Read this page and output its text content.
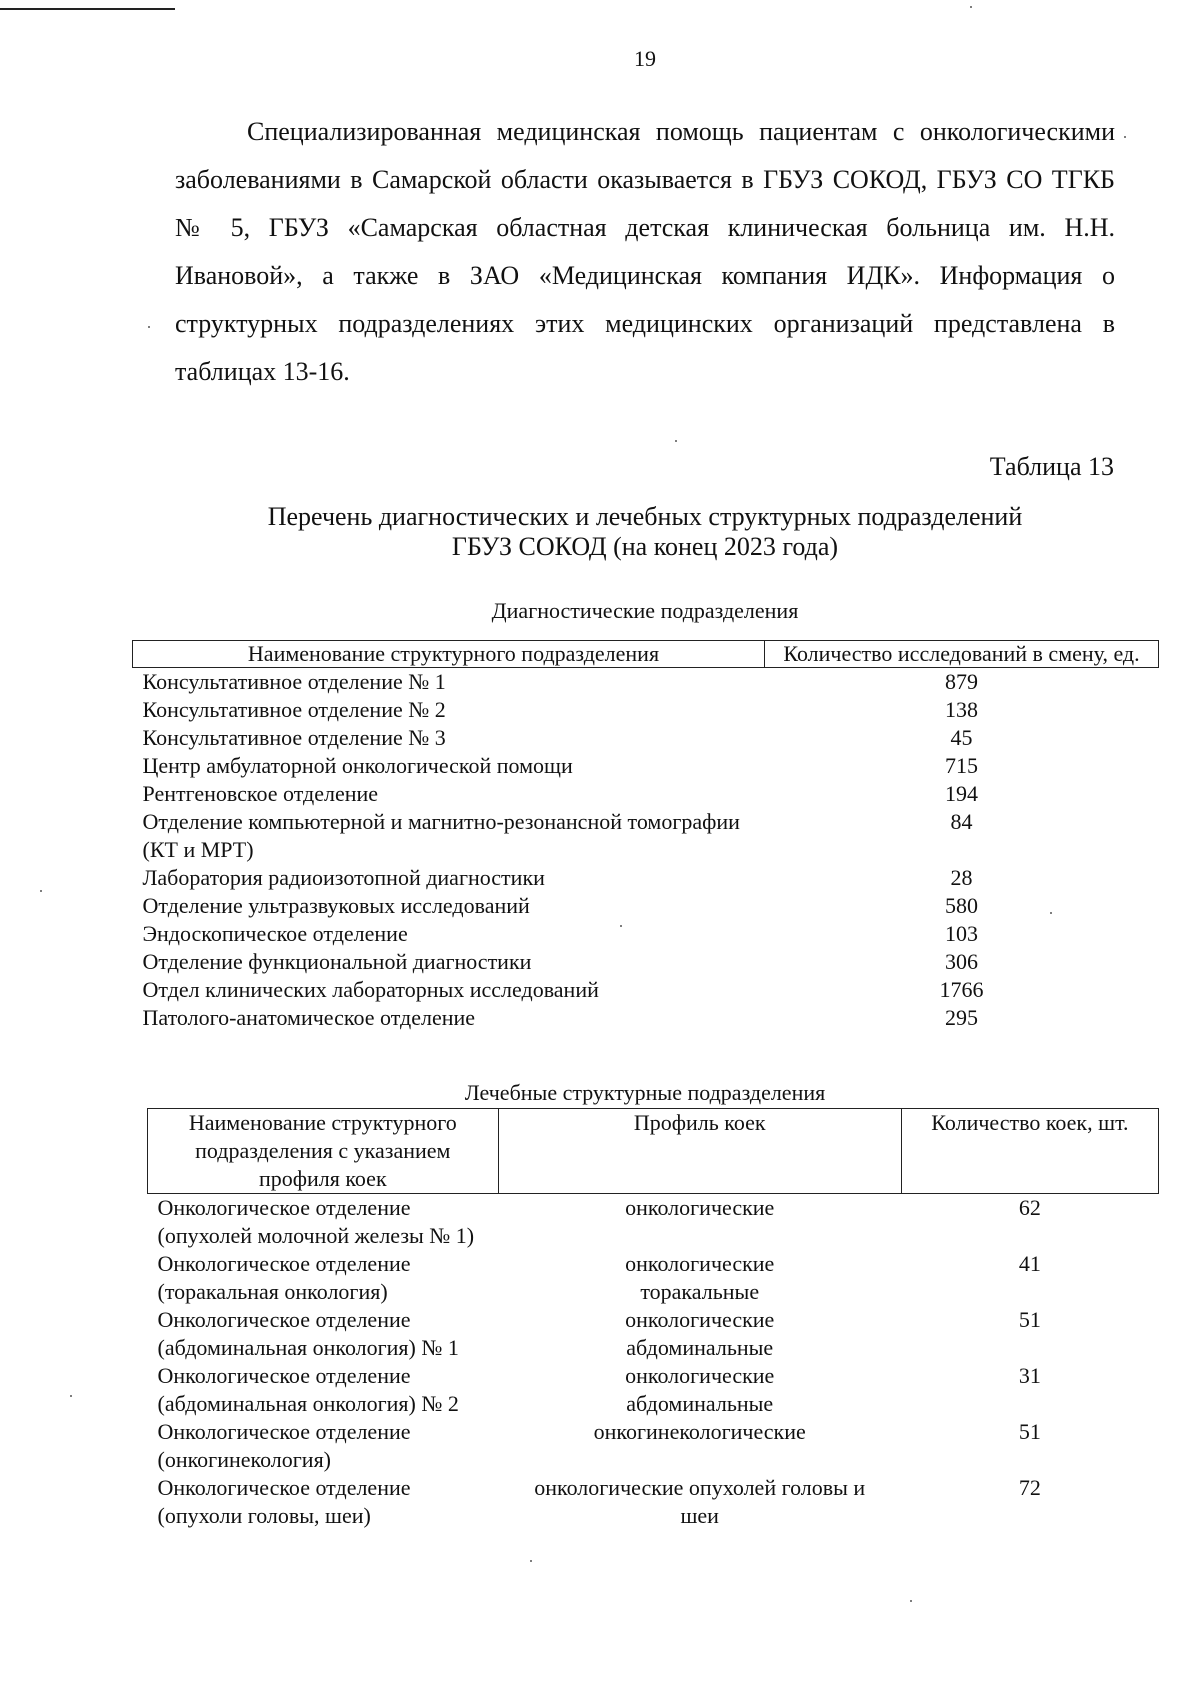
19
Специализированная медицинская помощь пациентам с онкологическими заболеваниями в Самарской области оказывается в ГБУЗ СОКОД, ГБУЗ СО ТГКБ № 5, ГБУЗ «Самарская областная детская клиническая больница им. Н.Н. Ивановой», а также в ЗАО «Медицинская компания ИДК». Информация о структурных подразделениях этих медицинских организаций представлена в таблицах 13-16.
Таблица 13
Перечень диагностических и лечебных структурных подразделений
ГБУЗ СОКОД (на конец 2023 года)
Диагностические подразделения
Наименование структурного подразделения	Количество исследований в смену, ед.
Консультативное отделение № 1	879
Консультативное отделение № 2	138
Консультативное отделение № 3	45
Центр амбулаторной онкологической помощи	715
Рентгеновское отделение	194
Отделение компьютерной и магнитно-резонансной томографии (КТ и МРТ)	84
Лаборатория радиоизотопной диагностики	28
Отделение ультразвуковых исследований	580
Эндоскопическое отделение	103
Отделение функциональной диагностики	306
Отдел клинических лабораторных исследований	1766
Патолого-анатомическое отделение	295
Лечебные структурные подразделения
Наименование структурного подразделения с указанием профиля коек	Профиль коек	Количество коек, шт.
Онкологическое отделение (опухолей молочной железы № 1)	онкологические	62
Онкологическое отделение (торакальная онкология)	онкологические торакальные	41
Онкологическое отделение (абдоминальная онкология) № 1	онкологические абдоминальные	51
Онкологическое отделение (абдоминальная онкология) № 2	онкологические абдоминальные	31
Онкологическое отделение (онкогинекология)	онкогинекологические	51
Онкологическое отделение (опухоли головы, шеи)	онкологические опухолей головы и шеи	72
